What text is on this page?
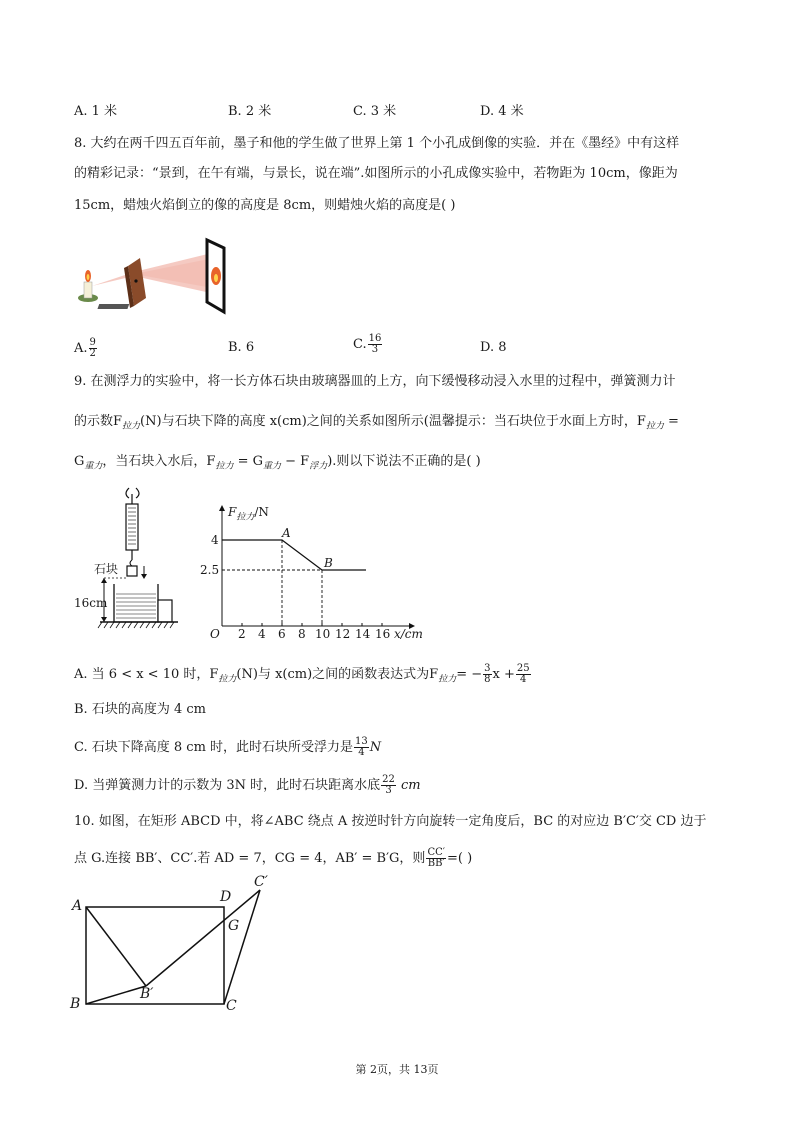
A. 1 米	B. 2 米	C. 3 米	D. 4 米
8. 大约在两千四五百年前，墨子和他的学生做了世界上第 1 个小孔成倒像的实验．并在《墨经》中有这样
的精彩记录：“景到，在午有端，与景长，说在端”.如图所示的小孔成像实验中，若物距为 10cm，像距为
15cm，蜡烛火焰倒立的像的高度是 8cm，则蜡烛火焰的高度是( )
A. $\frac{9}{2}$	B. 6	C. $\frac{16}{3}$	D. 8
9. 在测浮力的实验中，将一长方体石块由玻璃器皿的上方，向下缓慢移动浸入水里的过程中，弹簧测力计
的示数$F_{拉力}(N)$与石块下降的高度 x(cm)之间的关系如图所示(温馨提示：当石块位于水面上方时，$F_{拉力}$ =
$G_{重力}$，当石块入水后，$F_{拉力} = G_{重力} - F_{浮力}$).则以下说法不正确的是( )
石块
16cm
$F_{拉力}/N$
4
2.5
O 2 4 6 8 10 12 14 16 x/cm
A
B
A. 当 6 < x < 10 时，$F_{拉力}(N)$与 x(cm)之间的函数表达式为$F_{拉力}= - \frac{3}{8}$ $x + \frac{25}{4}$
B. 石块的高度为 4 cm
C. 石块下降高度 8 cm 时，此时石块所受浮力是 $\frac{13}{4}$ N
D. 当弹簧测力计的示数为 3N 时，此时石块距离水底 $\frac{22}{3}$ cm
10. 如图，在矩形 ABCD 中，将∠ABC 绕点 A 按逆时针方向旋转一定角度后，BC 的对应边 B′C′交 CD 边于
点 G.连接 BB′、CC′.若 AD = 7，CG = 4，AB′ = B′G，则 $\frac{CC'}{BB'}$ =( )
A
B	C
D
G
B′
C′
第 2页，共 13页
